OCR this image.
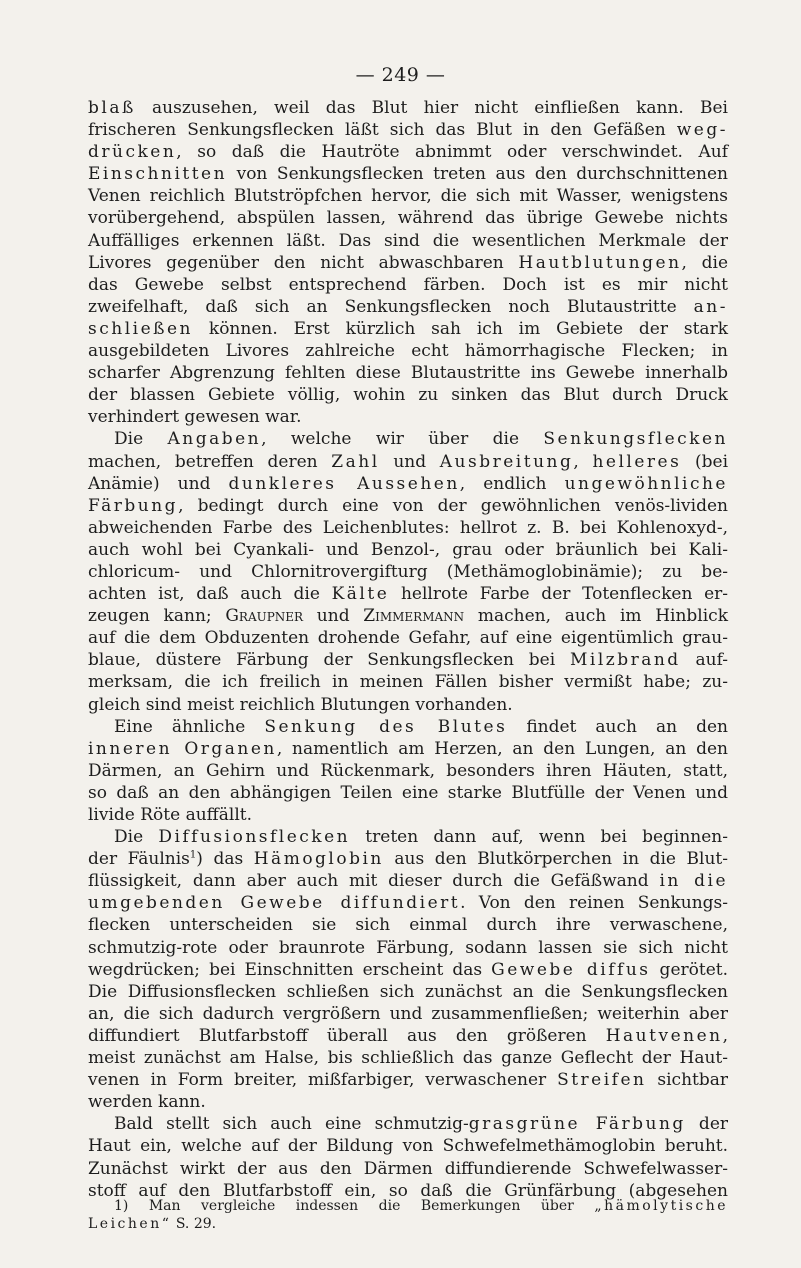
— 249 —
blaß auszusehen, weil das Blut hier nicht einfließen kann. Bei
frischeren Senkungsflecken läßt sich das Blut in den Gefäßen weg-
drücken, so daß die Hautröte abnimmt oder verschwindet. Auf
Einschnitten von Senkungsflecken treten aus den durchschnittenen
Venen reichlich Blutströpfchen hervor, die sich mit Wasser, wenigstens
vorübergehend, abspülen lassen, während das übrige Gewebe nichts
Auffälliges erkennen läßt. Das sind die wesentlichen Merkmale der
Livores gegenüber den nicht abwaschbaren Hautblutungen, die
das Gewebe selbst entsprechend färben. Doch ist es mir nicht
zweifelhaft, daß sich an Senkungsflecken noch Blutaustritte an-
schließen können. Erst kürzlich sah ich im Gebiete der stark
ausgebildeten Livores zahlreiche echt hämorrhagische Flecken; in
scharfer Abgrenzung fehlten diese Blutaustritte ins Gewebe innerhalb
der blassen Gebiete völlig, wohin zu sinken das Blut durch Druck
verhindert gewesen war.
Die Angaben, welche wir über die Senkungsflecken
machen, betreffen deren Zahl und Ausbreitung, helleres (bei
Anämie) und dunkleres Aussehen, endlich ungewöhnliche
Färbung, bedingt durch eine von der gewöhnlichen venös-lividen
abweichenden Farbe des Leichenblutes: hellrot z. B. bei Kohlenoxyd-,
auch wohl bei Cyankali- und Benzol-, grau oder bräunlich bei Kali-
chloricum- und Chlornitrovergifturg (Methämoglobinämie); zu be-
achten ist, daß auch die Kälte hellrote Farbe der Totenflecken er-
zeugen kann; Graupner und Zimmermann machen, auch im Hinblick
auf die dem Obduzenten drohende Gefahr, auf eine eigentümlich grau-
blaue, düstere Färbung der Senkungsflecken bei Milzbrand auf-
merksam, die ich freilich in meinen Fällen bisher vermißt habe; zu-
gleich sind meist reichlich Blutungen vorhanden.
Eine ähnliche Senkung des Blutes findet auch an den
inneren Organen, namentlich am Herzen, an den Lungen, an den
Därmen, an Gehirn und Rückenmark, besonders ihren Häuten, statt,
so daß an den abhängigen Teilen eine starke Blutfülle der Venen und
livide Röte auffällt.
Die Diffusionsflecken treten dann auf, wenn bei beginnen-
der Fäulnis$^1$) das Hämoglobin aus den Blutkörperchen in die Blut-
flüssigkeit, dann aber auch mit dieser durch die Gefäßwand in die
umgebenden Gewebe diffundiert. Von den reinen Senkungs-
flecken unterscheiden sie sich einmal durch ihre verwaschene,
schmutzig-rote oder braunrote Färbung, sodann lassen sie sich nicht
wegdrücken; bei Einschnitten erscheint das Gewebe diffus gerötet.
Die Diffusionsflecken schließen sich zunächst an die Senkungsflecken
an, die sich dadurch vergrößern und zusammenfließen; weiterhin aber
diffundiert Blutfarbstoff überall aus den größeren Hautvenen,
meist zunächst am Halse, bis schließlich das ganze Geflecht der Haut-
venen in Form breiter, mißfarbiger, verwaschener Streifen sichtbar
werden kann.
Bald stellt sich auch eine schmutzig-grasgrüne Färbung der
Haut ein, welche auf der Bildung von Schwefelmethämoglobin beruht.
Zunächst wirkt der aus den Därmen diffundierende Schwefelwasser-
stoff auf den Blutfarbstoff ein, so daß die Grünfärbung (abgesehen
1) Man vergleiche indessen die Bemerkungen über „hämolytische
Leichen“ S. 29.
